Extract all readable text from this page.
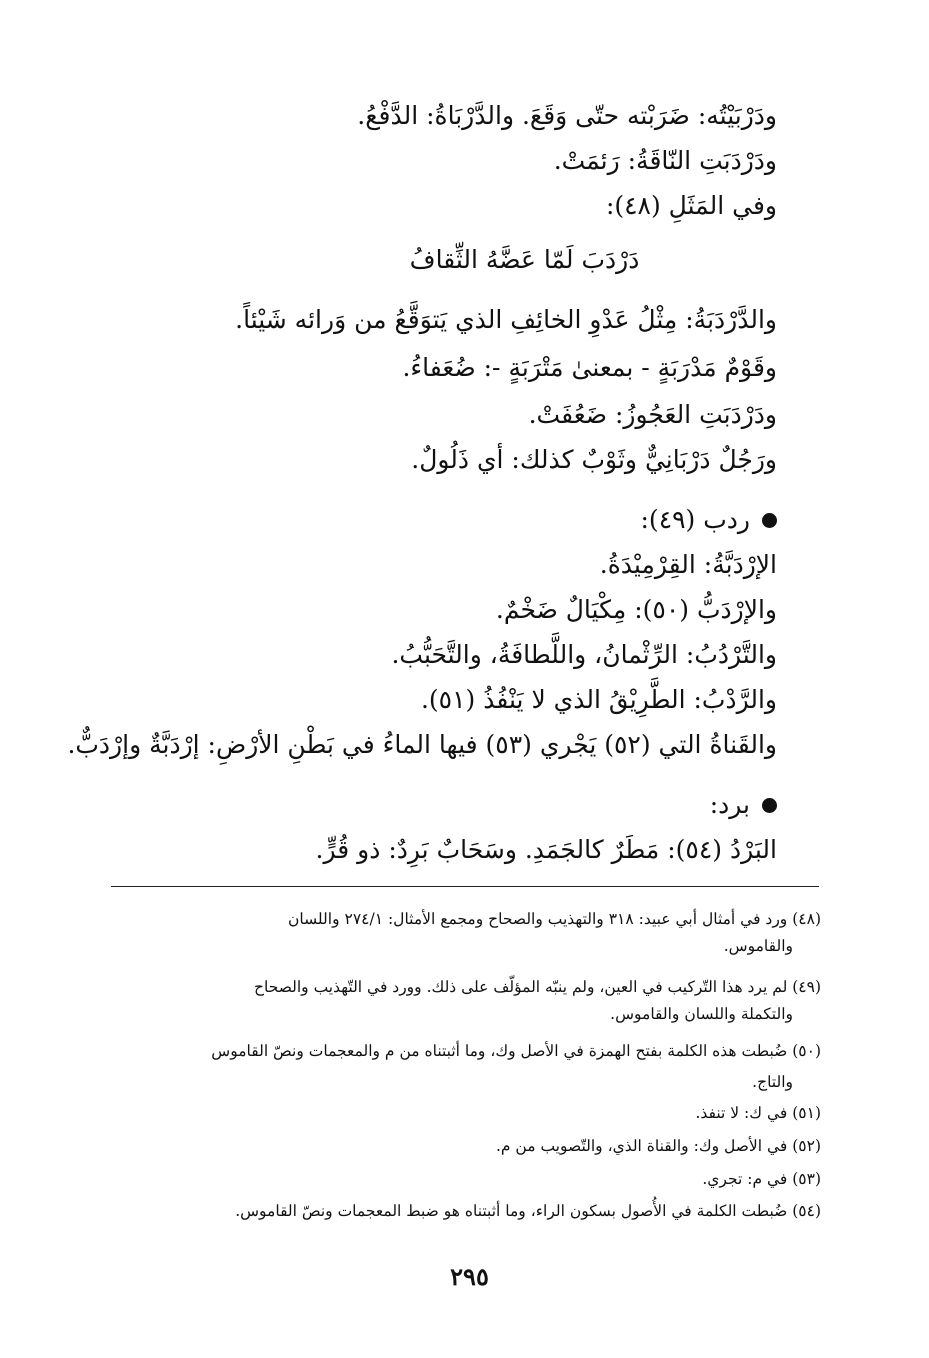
ودَرْبَيْتُه: ضَرَبْته حتّى وَقَعَ. والدَّرْبَاةُ: الدَّفْعُ.
ودَرْدَبَتِ النّاقَةُ: رَئمَتْ.
وفي المَثَلِ (٤٨):
دَرْدَبَ لَمّا عَضَّهُ الثِّقافُ
والدَّرْدَبَةُ: مِثْلُ عَدْوِ الخائِفِ الذي يَتوَقَّعُ من وَرائه شَيْئاً.
وقَوْمٌ مَدْرَبَةٍ - بمعنىٰ مَتْرَبَةٍ -: ضُعَفاءُ.
ودَرْدَبَتِ العَجُوزُ: ضَعُفَتْ.
ورَجُلٌ دَرْبَانِيٌّ وثَوْبٌ كذلك: أي ذَلُولٌ.
ردب (٤٩):
الإرْدَبَّةُ: القِرْمِيْدَةُ.
والإرْدَبُّ (٥٠): مِكْيَالٌ ضَخْمٌ.
والتَّرْدُبُ: الرِّثْمانُ، واللَّطافَةُ، والتَّحَبُّبُ.
والرَّدْبُ: الطَّرِيْقُ الذي لا يَنْفُذُ (٥١).
والقَناةُ التي (٥٢) يَجْري (٥٣) فيها الماءُ في بَطْنِ الأرْضِ: إرْدَبَّةٌ وإرْدَبٌّ.
برد:
البَرْدُ (٥٤): مَطَرٌ كالجَمَدِ. وسَحَابٌ بَرِدٌ: ذو قُرٍّ.
(٤٨) ورد في أمثال أبي عبيد: ٣١٨ والتهذيب والصحاح ومجمع الأمثال: ٢٧٤/١ واللسان
والقاموس.
(٤٩) لم يرد هذا التّركيب في العين، ولم ينبّه المؤلّف على ذلك. وورد في التّهذيب والصحاح
والتكملة واللسان والقاموس.
(٥٠) ضُبطت هذه الكلمة بفتح الهمزة في الأصل وك، وما أثبتناه من م والمعجمات ونصّ القاموس
والتاج.
(٥١) في ك: لا تنفذ.
(٥٢) في الأصل وك: والقناة الذي، والتّصويب من م.
(٥٣) في م: تجري.
(٥٤) ضُبطت الكلمة في الأُصول بسكون الراء، وما أثبتناه هو ضبط المعجمات ونصّ القاموس.
٢٩٥
